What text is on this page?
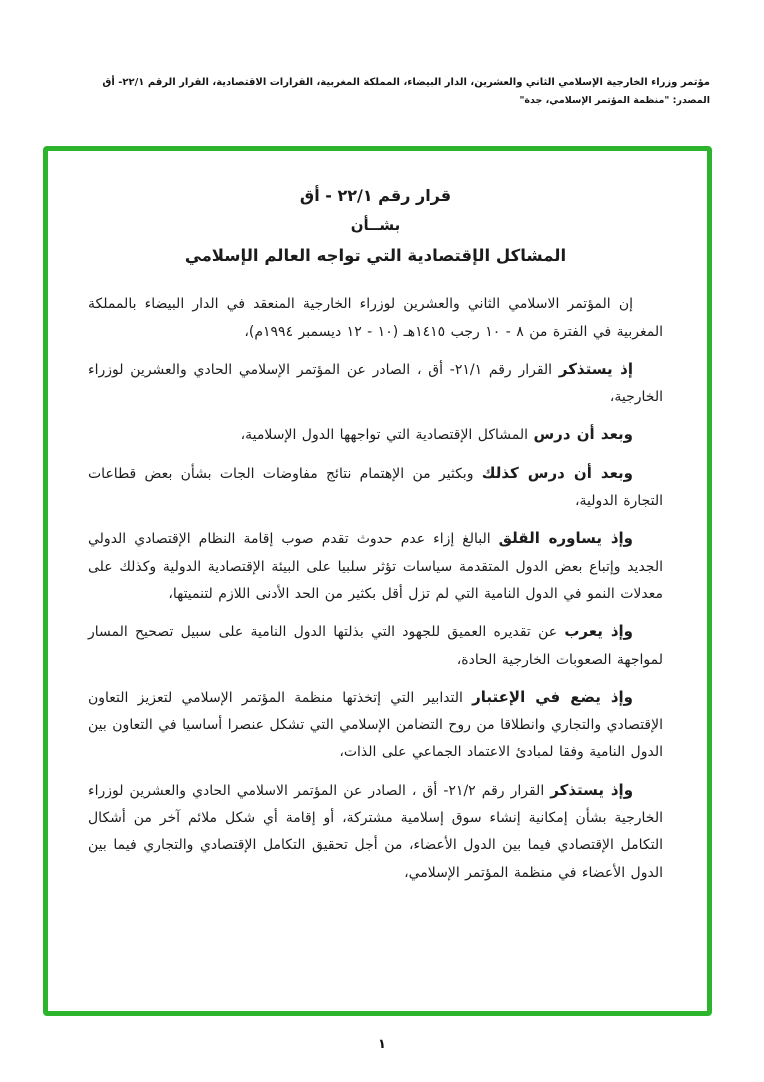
مؤتمر وزراء الخارجية الإسلامي الثاني والعشرين، الدار البيضاء، المملكة المغربية، القرارات الاقتصادية، القرار الرقم ٢٢/١- أق
المصدر: "منظمة المؤتمر الإسلامي، جدة"
قرار رقم ٢٢/١ - أق
بشــأن
المشاكل الإقتصادية التي تواجه العالم الإسلامي
إن المؤتمر الاسلامي الثاني والعشرين لوزراء الخارجية المنعقد في الدار البيضاء بالمملكة المغربية في الفترة من ٨ - ١٠ رجب ١٤١٥هـ (١٠ - ١٢ ديسمبر ١٩٩٤م)،
إذ يستذكر القرار رقم ٢١/١- أق ، الصادر عن المؤتمر الإسلامي الحادي والعشرين لوزراء الخارجية،
وبعد أن درس المشاكل الإقتصادية التي تواجهها الدول الإسلامية،
وبعد أن درس كذلك وبكثير من الإهتمام نتائج مفاوضات الجات بشأن بعض قطاعات التجارة الدولية،
وإذ يساوره القلق البالغ إزاء عدم حدوث تقدم صوب إقامة النظام الإقتصادي الدولي الجديد وإتباع بعض الدول المتقدمة سياسات تؤثر سلبيا على البيئة الإقتصادية الدولية وكذلك على معدلات النمو في الدول النامية التي لم تزل أقل بكثير من الحد الأدنى اللازم لتنميتها،
وإذ يعرب عن تقديره العميق للجهود التي بذلتها الدول النامية على سبيل تصحيح المسار لمواجهة الصعوبات الخارجية الحادة،
وإذ يضع في الإعتبار التدابير التي إتخذتها منظمة المؤتمر الإسلامي لتعزيز التعاون الإقتصادي والتجاري وانطلاقا من روح التضامن الإسلامي التي تشكل عنصرا أساسيا في التعاون بين الدول النامية وفقا لمبادئ الاعتماد الجماعي على الذات،
وإذ يستذكر القرار رقم ٢١/٢- أق ، الصادر عن المؤتمر الاسلامي الحادي والعشرين لوزراء الخارجية بشأن إمكانية إنشاء سوق إسلامية مشتركة، أو إقامة أي شكل ملائم آخر من أشكال التكامل الإقتصادي فيما بين الدول الأعضاء، من أجل تحقيق التكامل الإقتصادي والتجاري فيما بين الدول الأعضاء في منظمة المؤتمر الإسلامي،
١
